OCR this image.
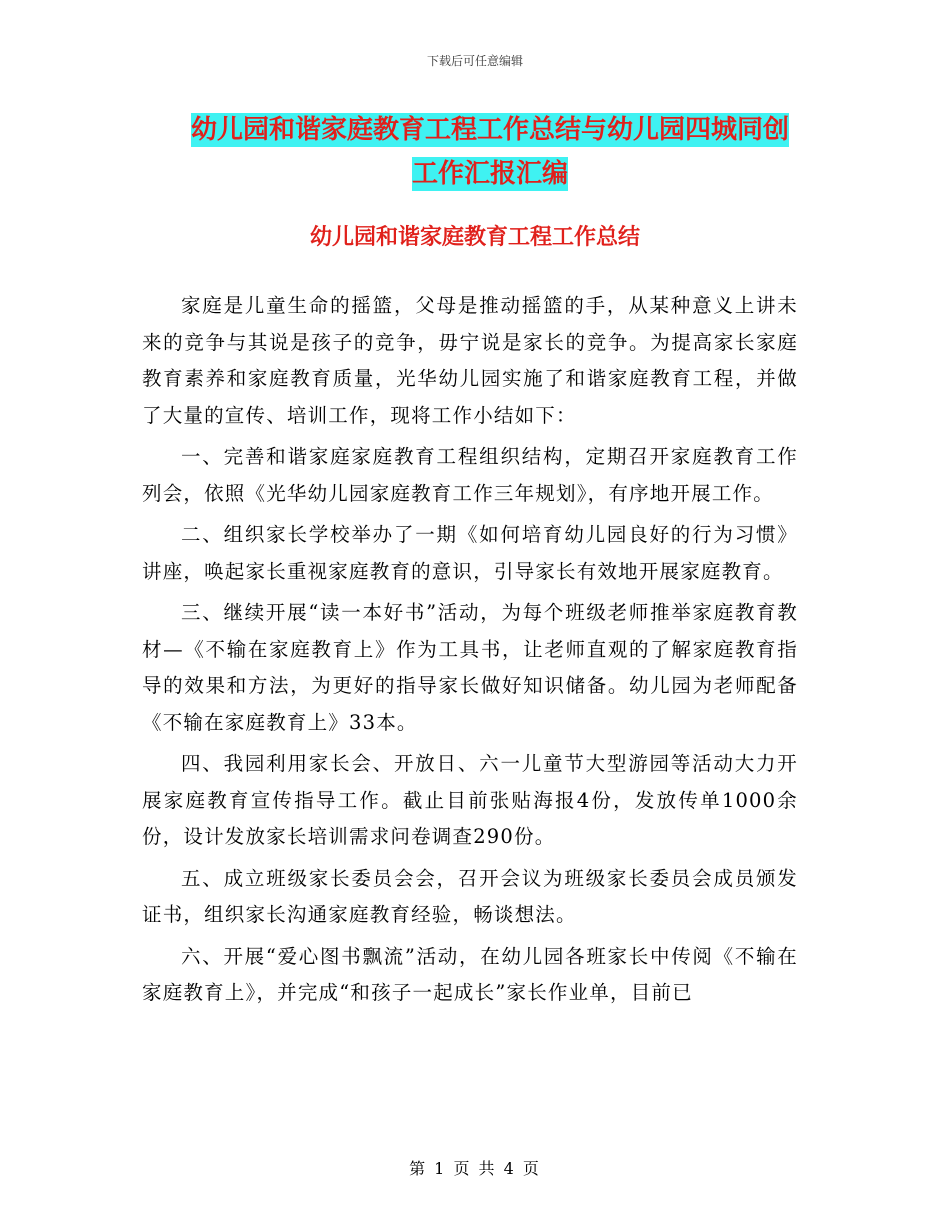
下载后可任意编辑
幼儿园和谐家庭教育工程工作总结与幼儿园四城同创
工作汇报汇编
幼儿园和谐家庭教育工程工作总结

家庭是儿童生命的摇篮，父母是推动摇篮的手，从某种意义上讲未来的竞争与其说是孩子的竞争，毋宁说是家长的竞争。为提高家长家庭教育素养和家庭教育质量，光华幼儿园实施了和谐家庭教育工程，并做了大量的宣传、培训工作，现将工作小结如下：

一、完善和谐家庭家庭教育工程组织结构，定期召开家庭教育工作列会，依照《光华幼儿园家庭教育工作三年规划》，有序地开展工作。

二、组织家长学校举办了一期《如何培育幼儿园良好的行为习惯》讲座，唤起家长重视家庭教育的意识，引导家长有效地开展家庭教育。

三、继续开展“读一本好书”活动，为每个班级老师推举家庭教育教材—《不输在家庭教育上》作为工具书，让老师直观的了解家庭教育指导的效果和方法，为更好的指导家长做好知识储备。幼儿园为老师配备《不输在家庭教育上》33本。

四、我园利用家长会、开放日、六一儿童节大型游园等活动大力开展家庭教育宣传指导工作。截止目前张贴海报4份，发放传单1000余份，设计发放家长培训需求问卷调查290份。

五、成立班级家长委员会会，召开会议为班级家长委员会成员颁发证书，组织家长沟通家庭教育经验，畅谈想法。

六、开展“爱心图书飘流”活动，在幼儿园各班家长中传阅《不输在家庭教育上》，并完成“和孩子一起成长”家长作业单，目前已

第 1 页 共 4 页
